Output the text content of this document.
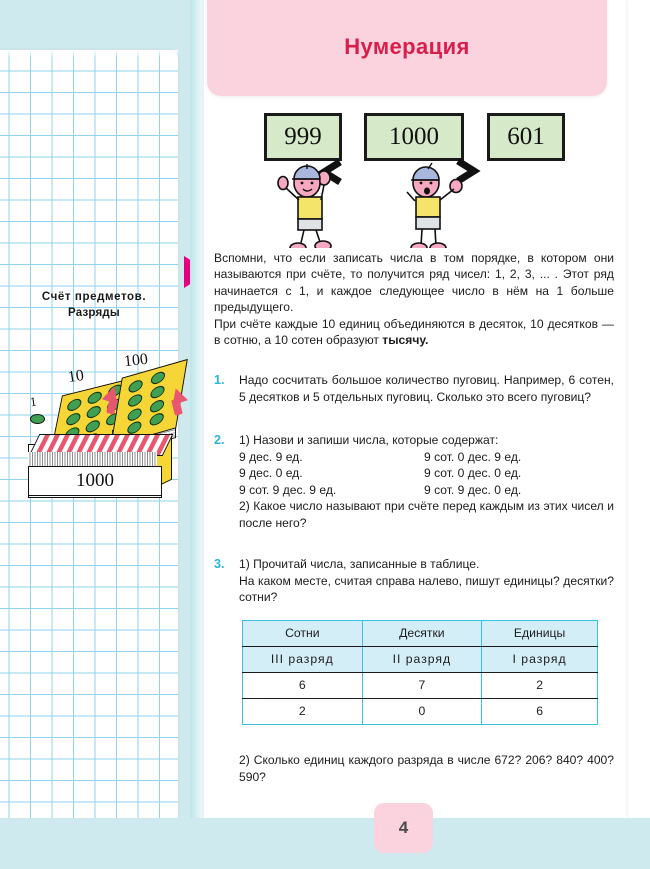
Счёт предметов.
Разряды
1
10
100
1000
Нумерация
999	1000	601

Вспомни, что если записать числа в том порядке, в котором они называются при счёте, то получится ряд чисел: 1, 2, 3, ... . Этот ряд начинается с 1, и каждое следующее число в нём на 1 больше предыдущего.

При счёте каждые 10 единиц объединяются в десяток, 10 десятков — в сотню, а 10 сотен образуют тысячу.

1.	Надо сосчитать большое количество пуговиц. Например, 6 сотен, 5 десятков и 5 отдельных пуговиц. Сколько это всего пуговиц?
2.	1) Назови и запиши числа, которые содержат:
9 дес. 9 ед.	9 сот. 0 дес. 9 ед.
9 дес. 0 ед.	9 сот. 0 дес. 0 ед.
9 сот. 9 дес. 9 ед.	9 сот. 9 дес. 0 ед.
2) Какое число называют при счёте перед каждым из этих чисел и после него?
3.	1) Прочитай числа, записанные в таблице.
На каком месте, считая справа налево, пишут единицы? десятки? сотни?
Сотни	Десятки	Единицы
III разряд	II разряд	I разряд
6	7	2
2	0	6
2) Сколько единиц каждого разряда в числе 672? 206? 840? 400? 590?
4
